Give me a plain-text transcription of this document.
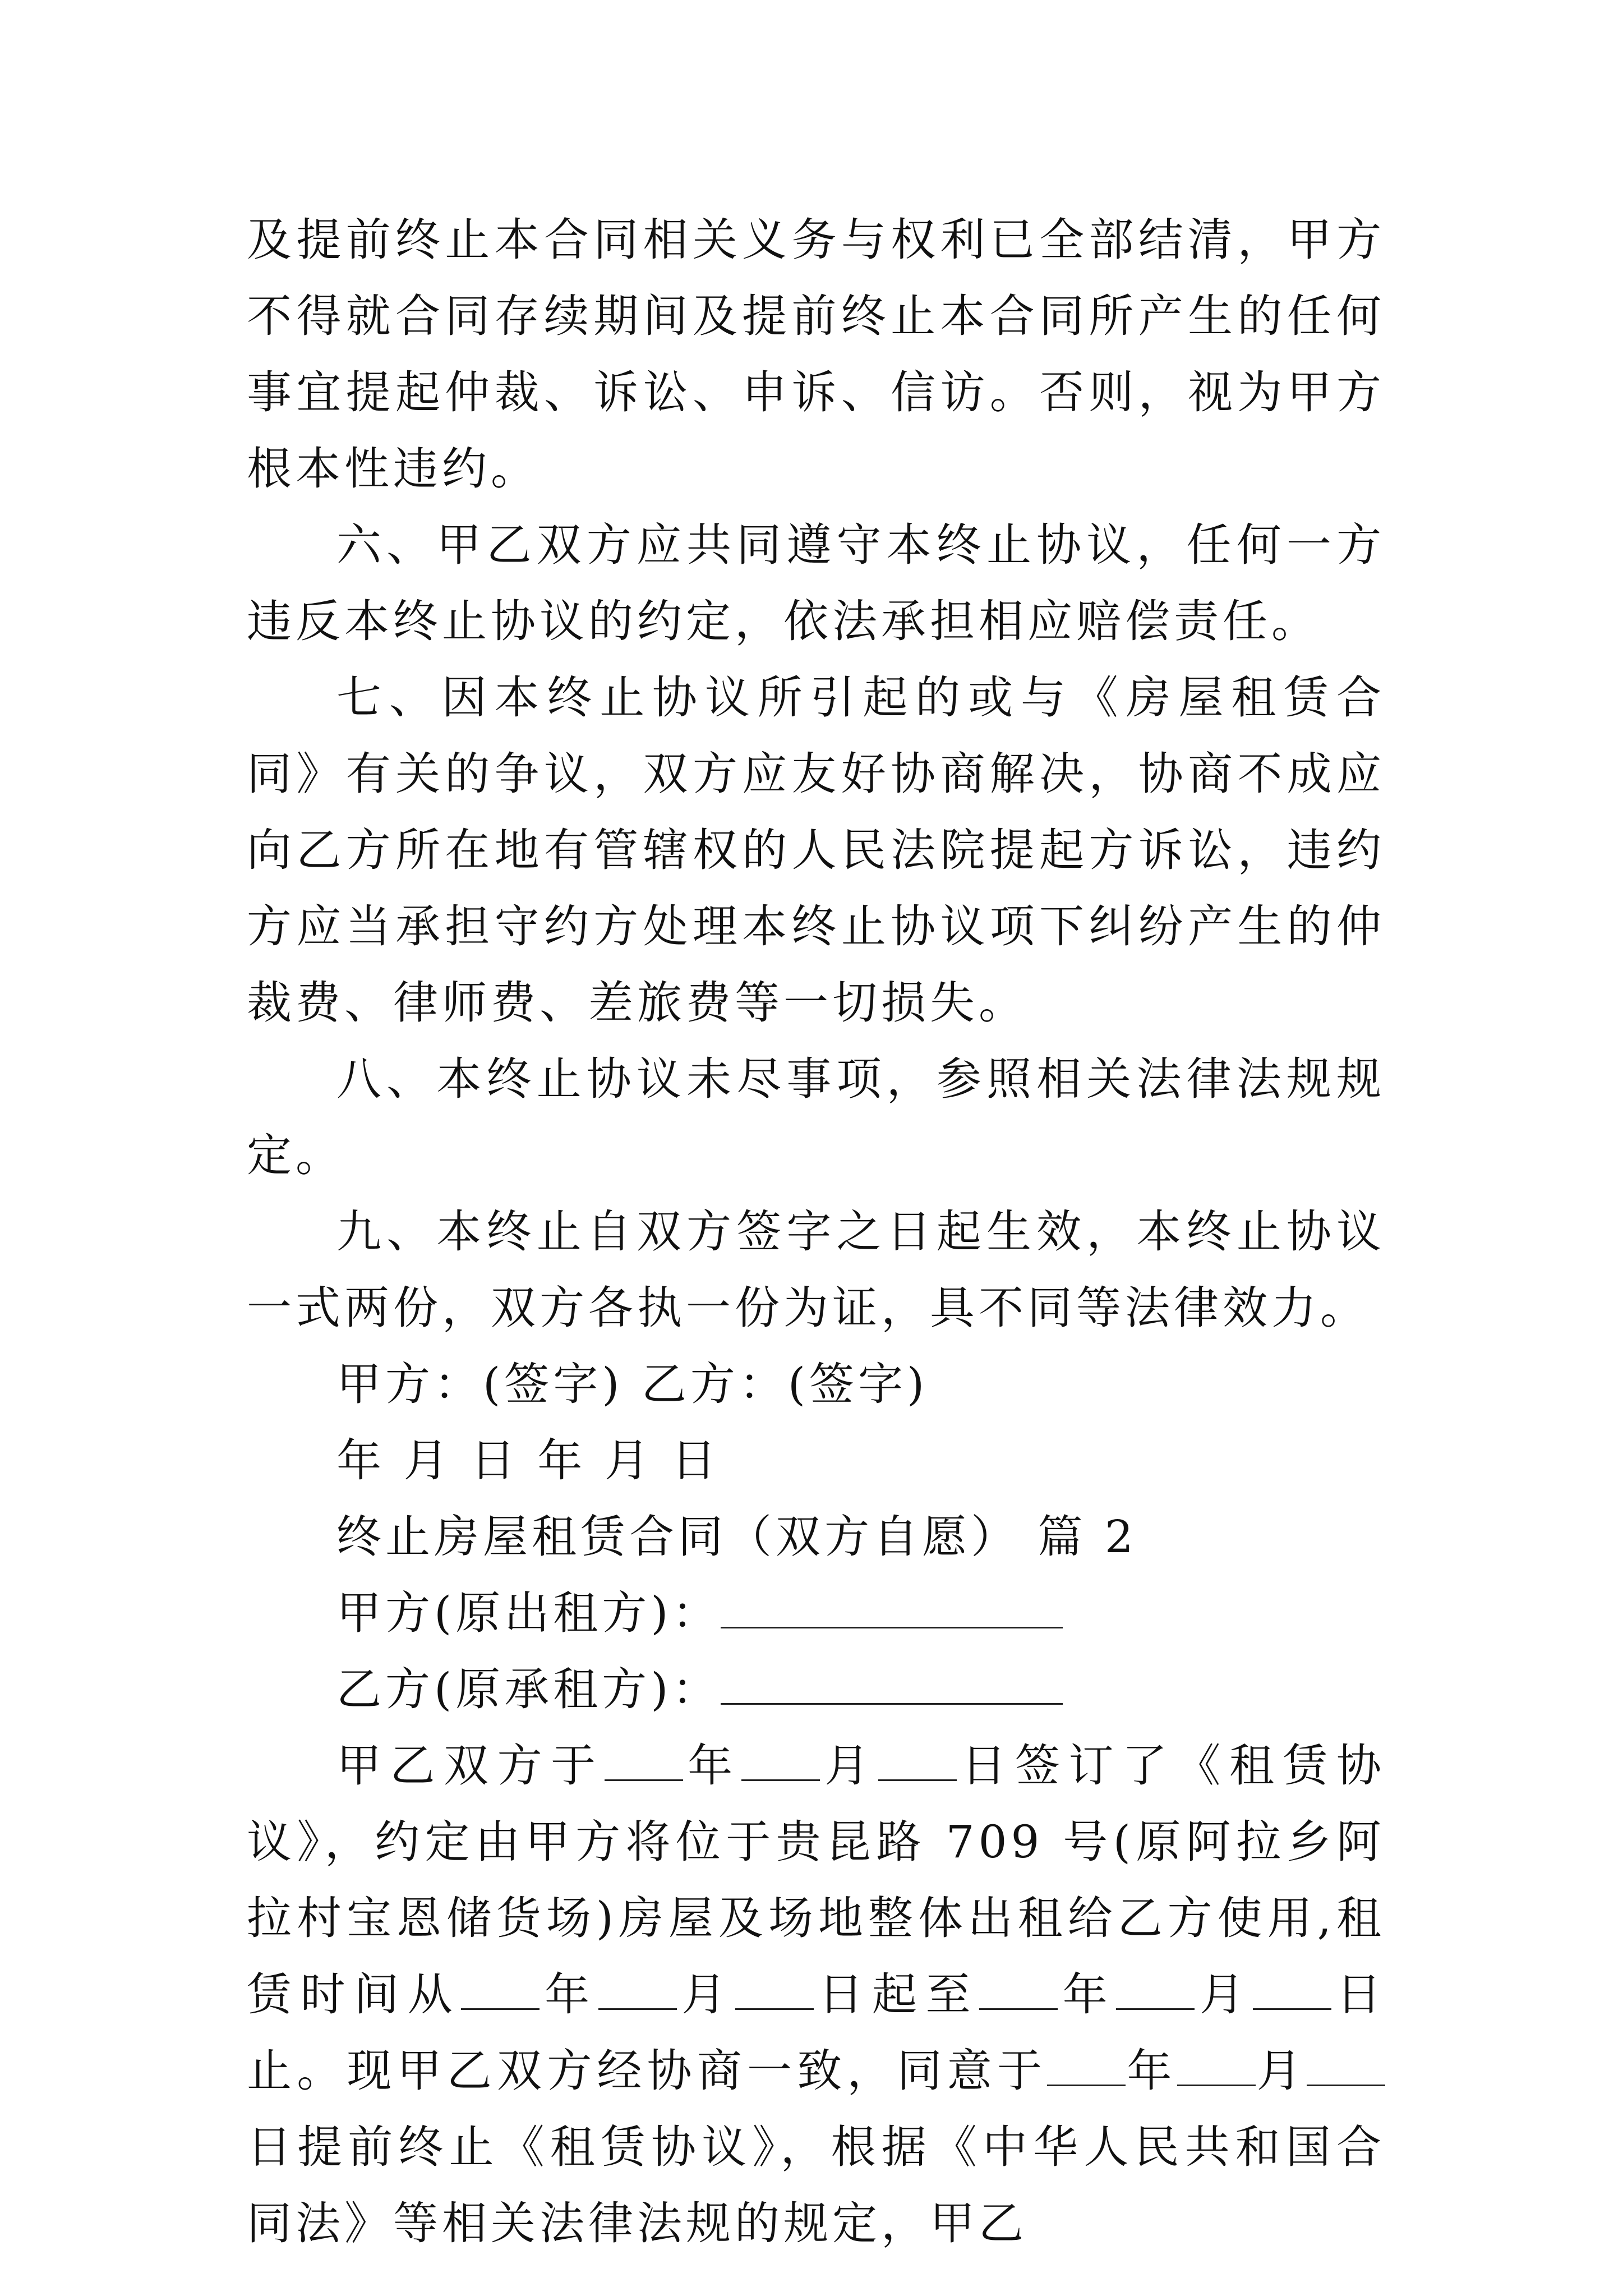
及提前终止本合同相关义务与权利已全部结清，甲方不得就合同存续期间及提前终止本合同所产生的任何事宜提起仲裁、诉讼、申诉、信访。否则，视为甲方根本性违约。

六、甲乙双方应共同遵守本终止协议，任何一方违反本终止协议的约定，依法承担相应赔偿责任。

七、因本终止协议所引起的或与《房屋租赁合同》有关的争议，双方应友好协商解决，协商不成应向乙方所在地有管辖权的人民法院提起方诉讼，违约方应当承担守约方处理本终止协议项下纠纷产生的仲裁费、律师费、差旅费等一切损失。

八、本终止协议未尽事项，参照相关法律法规规定。

九、本终止自双方签字之日起生效，本终止协议一式两份，双方各执一份为证，具不同等法律效力。

甲方：(签字) 乙方：(签字)

年 月 日 年 月 日

终止房屋租赁合同（双方自愿） 篇 2

甲方(原出租方)：

乙方(原承租方)：

甲乙双方于 年 月 日签订了《租赁协议》，约定由甲方将位于贵昆路 709 号(原阿拉乡阿拉村宝恩储货场)房屋及场地整体出租给乙方使用,租赁时间从 年 月 日起至 年 月 日止。现甲乙双方经协商一致，同意于 年 月日提前终止《租赁协议》，根据《中华人民共和国合同法》等相关法律法规的规定，甲乙
